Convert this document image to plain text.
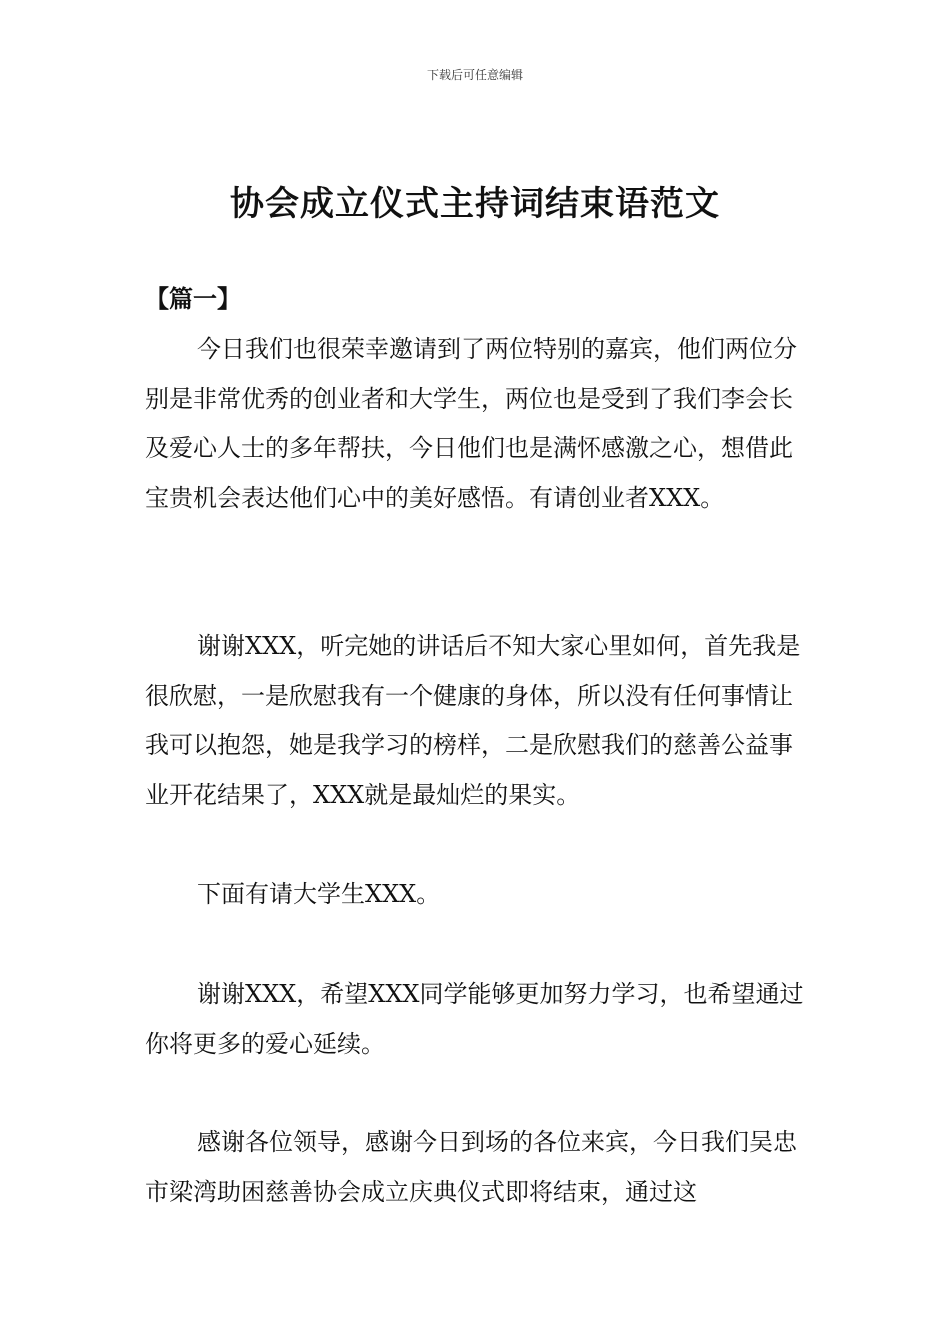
下载后可任意编辑
协会成立仪式主持词结束语范文
【篇一】

今日我们也很荣幸邀请到了两位特别的嘉宾，他们两位分别是非常优秀的创业者和大学生，两位也是受到了我们李会长及爱心人士的多年帮扶，今日他们也是满怀感激之心，想借此宝贵机会表达他们心中的美好感悟。有请创业者XXX。

谢谢XXX，听完她的讲话后不知大家心里如何，首先我是很欣慰，一是欣慰我有一个健康的身体，所以没有任何事情让我可以抱怨，她是我学习的榜样，二是欣慰我们的慈善公益事业开花结果了，XXX就是最灿烂的果实。

下面有请大学生XXX。

谢谢XXX，希望XXX同学能够更加努力学习，也希望通过你将更多的爱心延续。

感谢各位领导，感谢今日到场的各位来宾，今日我们吴忠市梁湾助困慈善协会成立庆典仪式即将结束，通过这
